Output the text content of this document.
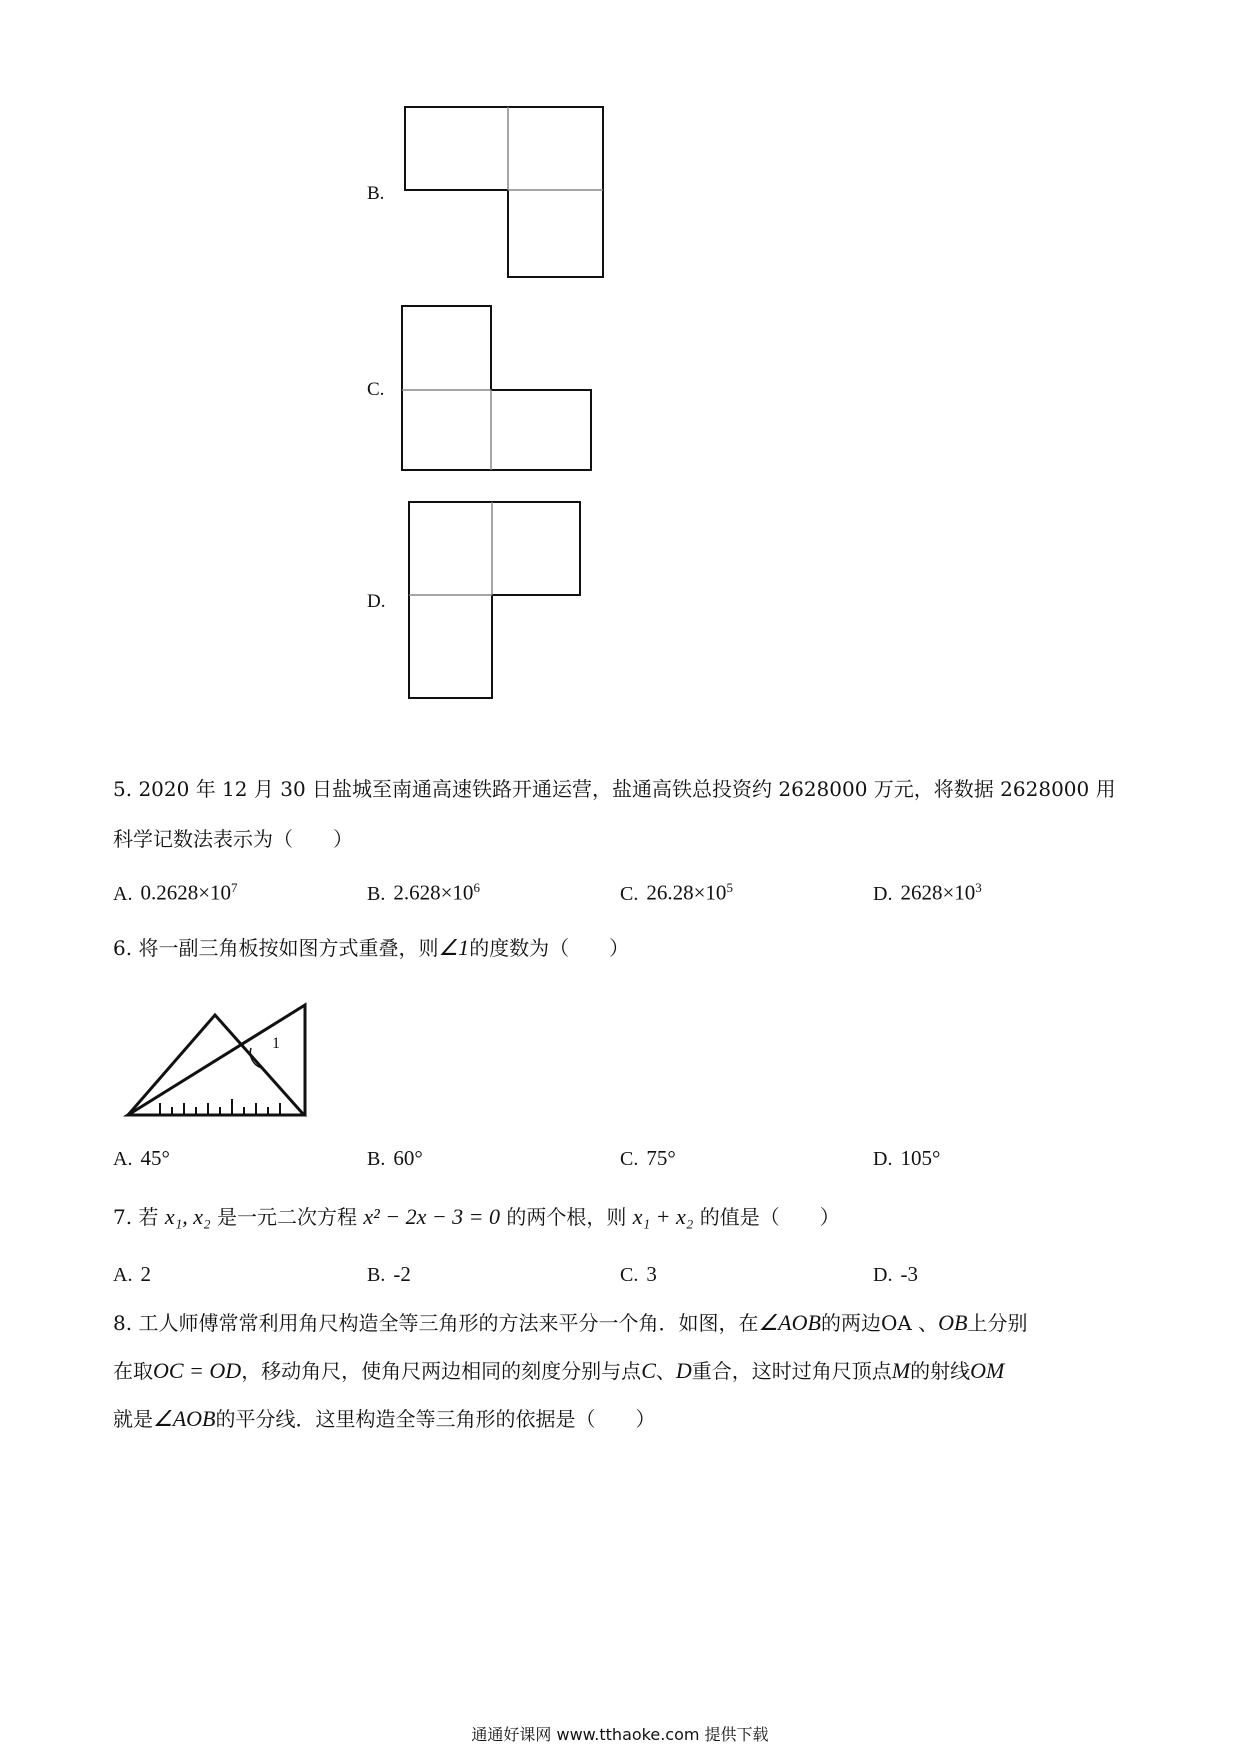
B.
C.
D.
5. 2020 年 12 月 30 日盐城至南通高速铁路开通运营，盐通高铁总投资约 2628000 万元，将数据 2628000 用
科学记数法表示为（　　）
A. $0.2628\times 10^7$	B. $2.628\times 10^6$	C. $26.28\times 10^5$	D. $2628\times 10^3$
6. 将一副三角板按如图方式重叠，则∠1的度数为（　　）
1
A. 45°	B. 60°	C. 75°	D. 105°
7. 若 x₁, x₂ 是一元二次方程 x² − 2x − 3 = 0 的两个根，则 x₁ + x₂ 的值是（　　）
A. 2	B. -2	C. 3	D. -3
8. 工人师傅常常利用角尺构造全等三角形的方法来平分一个角．如图，在∠AOB的两边OA 、OB上分别
在取OC = OD，移动角尺，使角尺两边相同的刻度分别与点C、D重合，这时过角尺顶点M的射线OM
就是∠AOB的平分线．这里构造全等三角形的依据是（　　）
通通好课网 www.tthaoke.com 提供下载
